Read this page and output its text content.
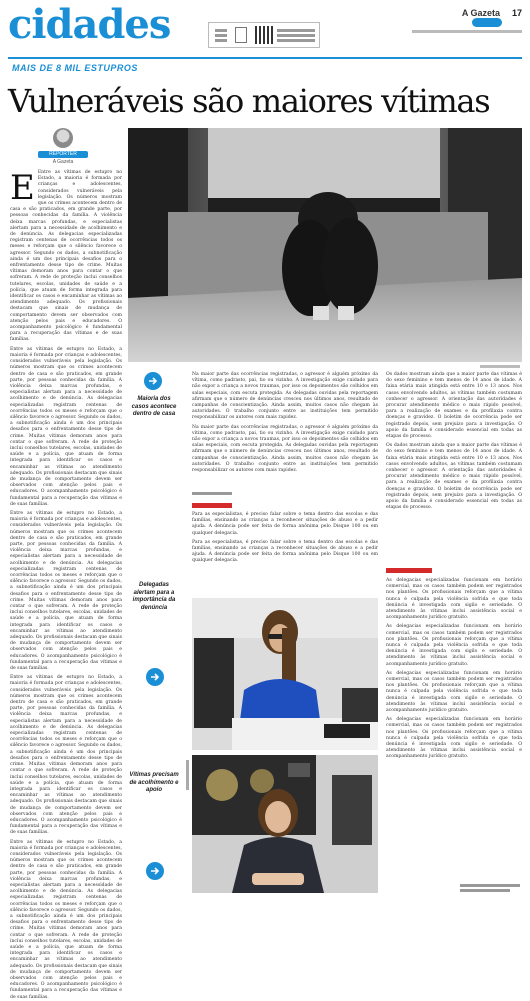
cidades	A Gazeta 17
MAIS DE 8 MIL ESTUPROS
Vulneráveis são maiores vítimas
REPÓRTER
A Gazeta
E Entre as vítimas de estupro no Estado, a maioria é formada por crianças e adolescentes, considerados vulneráveis pela legislação. Os números mostram que os crimes acontecem dentro de casa e são praticados, em grande parte, por pessoas conhecidas da família. A violência deixa marcas profundas, e especialistas alertam para a necessidade de acolhimento e de denúncia. As delegacias especializadas registram centenas de ocorrências todos os meses e reforçam que o silêncio favorece o agressor. Segundo os dados, a subnotificação ainda é um dos principais desafios para o enfrentamento desse tipo de crime. Muitas vítimas demoram anos para contar o que sofreram. A rede de proteção inclui conselhos tutelares, escolas, unidades de saúde e a polícia, que atuam de forma integrada para identificar os casos e encaminhar as vítimas ao atendimento adequado. Os profissionais destacam que sinais de mudança de comportamento devem ser observados com atenção pelos pais e educadores. O acompanhamento psicológico é fundamental para a recuperação das vítimas e de suas famílias.

Entre as vítimas de estupro no Estado, a maioria é formada por crianças e adolescentes, considerados vulneráveis pela legislação. Os números mostram que os crimes acontecem dentro de casa e são praticados, em grande parte, por pessoas conhecidas da família. A violência deixa marcas profundas, e especialistas alertam para a necessidade de acolhimento e de denúncia. As delegacias especializadas registram centenas de ocorrências todos os meses e reforçam que o silêncio favorece o agressor. Segundo os dados, a subnotificação ainda é um dos principais desafios para o enfrentamento desse tipo de crime. Muitas vítimas demoram anos para contar o que sofreram. A rede de proteção inclui conselhos tutelares, escolas, unidades de saúde e a polícia, que atuam de forma integrada para identificar os casos e encaminhar as vítimas ao atendimento adequado. Os profissionais destacam que sinais de mudança de comportamento devem ser observados com atenção pelos pais e educadores. O acompanhamento psicológico é fundamental para a recuperação das vítimas e de suas famílias.

Entre as vítimas de estupro no Estado, a maioria é formada por crianças e adolescentes, considerados vulneráveis pela legislação. Os números mostram que os crimes acontecem dentro de casa e são praticados, em grande parte, por pessoas conhecidas da família. A violência deixa marcas profundas, e especialistas alertam para a necessidade de acolhimento e de denúncia. As delegacias especializadas registram centenas de ocorrências todos os meses e reforçam que o silêncio favorece o agressor. Segundo os dados, a subnotificação ainda é um dos principais desafios para o enfrentamento desse tipo de crime. Muitas vítimas demoram anos para contar o que sofreram. A rede de proteção inclui conselhos tutelares, escolas, unidades de saúde e a polícia, que atuam de forma integrada para identificar os casos e encaminhar as vítimas ao atendimento adequado. Os profissionais destacam que sinais de mudança de comportamento devem ser observados com atenção pelos pais e educadores. O acompanhamento psicológico é fundamental para a recuperação das vítimas e de suas famílias.

Entre as vítimas de estupro no Estado, a maioria é formada por crianças e adolescentes, considerados vulneráveis pela legislação. Os números mostram que os crimes acontecem dentro de casa e são praticados, em grande parte, por pessoas conhecidas da família. A violência deixa marcas profundas, e especialistas alertam para a necessidade de acolhimento e de denúncia. As delegacias especializadas registram centenas de ocorrências todos os meses e reforçam que o silêncio favorece o agressor. Segundo os dados, a subnotificação ainda é um dos principais desafios para o enfrentamento desse tipo de crime. Muitas vítimas demoram anos para contar o que sofreram. A rede de proteção inclui conselhos tutelares, escolas, unidades de saúde e a polícia, que atuam de forma integrada para identificar os casos e encaminhar as vítimas ao atendimento adequado. Os profissionais destacam que sinais de mudança de comportamento devem ser observados com atenção pelos pais e educadores. O acompanhamento psicológico é fundamental para a recuperação das vítimas e de suas famílias.

Entre as vítimas de estupro no Estado, a maioria é formada por crianças e adolescentes, considerados vulneráveis pela legislação. Os números mostram que os crimes acontecem dentro de casa e são praticados, em grande parte, por pessoas conhecidas da família. A violência deixa marcas profundas, e especialistas alertam para a necessidade de acolhimento e de denúncia. As delegacias especializadas registram centenas de ocorrências todos os meses e reforçam que o silêncio favorece o agressor. Segundo os dados, a subnotificação ainda é um dos principais desafios para o enfrentamento desse tipo de crime. Muitas vítimas demoram anos para contar o que sofreram. A rede de proteção inclui conselhos tutelares, escolas, unidades de saúde e a polícia, que atuam de forma integrada para identificar os casos e encaminhar as vítimas ao atendimento adequado. Os profissionais destacam que sinais de mudança de comportamento devem ser observados com atenção pelos pais e educadores. O acompanhamento psicológico é fundamental para a recuperação das vítimas e de suas famílias.

Maioria dos casos acontece dentro de casa

Na maior parte das ocorrências registradas, o agressor é alguém próximo da vítima, como padrasto, pai, tio ou vizinho. A investigação exige cuidado para não expor a criança a novos traumas, por isso os depoimentos são colhidos em salas especiais, com escuta protegida. As delegadas ouvidas pela reportagem afirmam que o número de denúncias cresceu nos últimos anos, resultado de campanhas de conscientização. Ainda assim, muitos casos não chegam às autoridades. O trabalho conjunto entre as instituições tem permitido responsabilizar os autores com mais rapidez.

Na maior parte das ocorrências registradas, o agressor é alguém próximo da vítima, como padrasto, pai, tio ou vizinho. A investigação exige cuidado para não expor a criança a novos traumas, por isso os depoimentos são colhidos em salas especiais, com escuta protegida. As delegadas ouvidas pela reportagem afirmam que o número de denúncias cresceu nos últimos anos, resultado de campanhas de conscientização. Ainda assim, muitos casos não chegam às autoridades. O trabalho conjunto entre as instituições tem permitido responsabilizar os autores com mais rapidez.

Para as especialistas, é preciso falar sobre o tema dentro das escolas e das famílias, ensinando as crianças a reconhecer situações de abuso e a pedir ajuda. A denúncia pode ser feita de forma anônima pelo Disque 100 ou em qualquer delegacia.

Para as especialistas, é preciso falar sobre o tema dentro das escolas e das famílias, ensinando as crianças a reconhecer situações de abuso e a pedir ajuda. A denúncia pode ser feita de forma anônima pelo Disque 100 ou em qualquer delegacia.

Delegadas alertam para a importância da denúncia
Vítimas precisam de acolhimento e apoio

Os dados mostram ainda que a maior parte das vítimas é do sexo feminino e tem menos de 14 anos de idade. A faixa etária mais atingida está entre 10 e 13 anos. Nos casos envolvendo adultos, as vítimas também costumam conhecer o agressor. A orientação das autoridades é procurar atendimento médico o mais rápido possível, para a realização de exames e da profilaxia contra doenças e gravidez. O boletim de ocorrência pode ser registrado depois, sem prejuízo para a investigação. O apoio da família é considerado essencial em todas as etapas do processo.

Os dados mostram ainda que a maior parte das vítimas é do sexo feminino e tem menos de 14 anos de idade. A faixa etária mais atingida está entre 10 e 13 anos. Nos casos envolvendo adultos, as vítimas também costumam conhecer o agressor. A orientação das autoridades é procurar atendimento médico o mais rápido possível, para a realização de exames e da profilaxia contra doenças e gravidez. O boletim de ocorrência pode ser registrado depois, sem prejuízo para a investigação. O apoio da família é considerado essencial em todas as etapas do processo.

As delegacias especializadas funcionam em horário comercial, mas os casos também podem ser registrados nos plantões. Os profissionais reforçam que a vítima nunca é culpada pela violência sofrida e que toda denúncia é investigada com sigilo e seriedade. O atendimento às vítimas inclui assistência social e acompanhamento jurídico gratuito.

As delegacias especializadas funcionam em horário comercial, mas os casos também podem ser registrados nos plantões. Os profissionais reforçam que a vítima nunca é culpada pela violência sofrida e que toda denúncia é investigada com sigilo e seriedade. O atendimento às vítimas inclui assistência social e acompanhamento jurídico gratuito.

As delegacias especializadas funcionam em horário comercial, mas os casos também podem ser registrados nos plantões. Os profissionais reforçam que a vítima nunca é culpada pela violência sofrida e que toda denúncia é investigada com sigilo e seriedade. O atendimento às vítimas inclui assistência social e acompanhamento jurídico gratuito.

As delegacias especializadas funcionam em horário comercial, mas os casos também podem ser registrados nos plantões. Os profissionais reforçam que a vítima nunca é culpada pela violência sofrida e que toda denúncia é investigada com sigilo e seriedade. O atendimento às vítimas inclui assistência social e acompanhamento jurídico gratuito.
